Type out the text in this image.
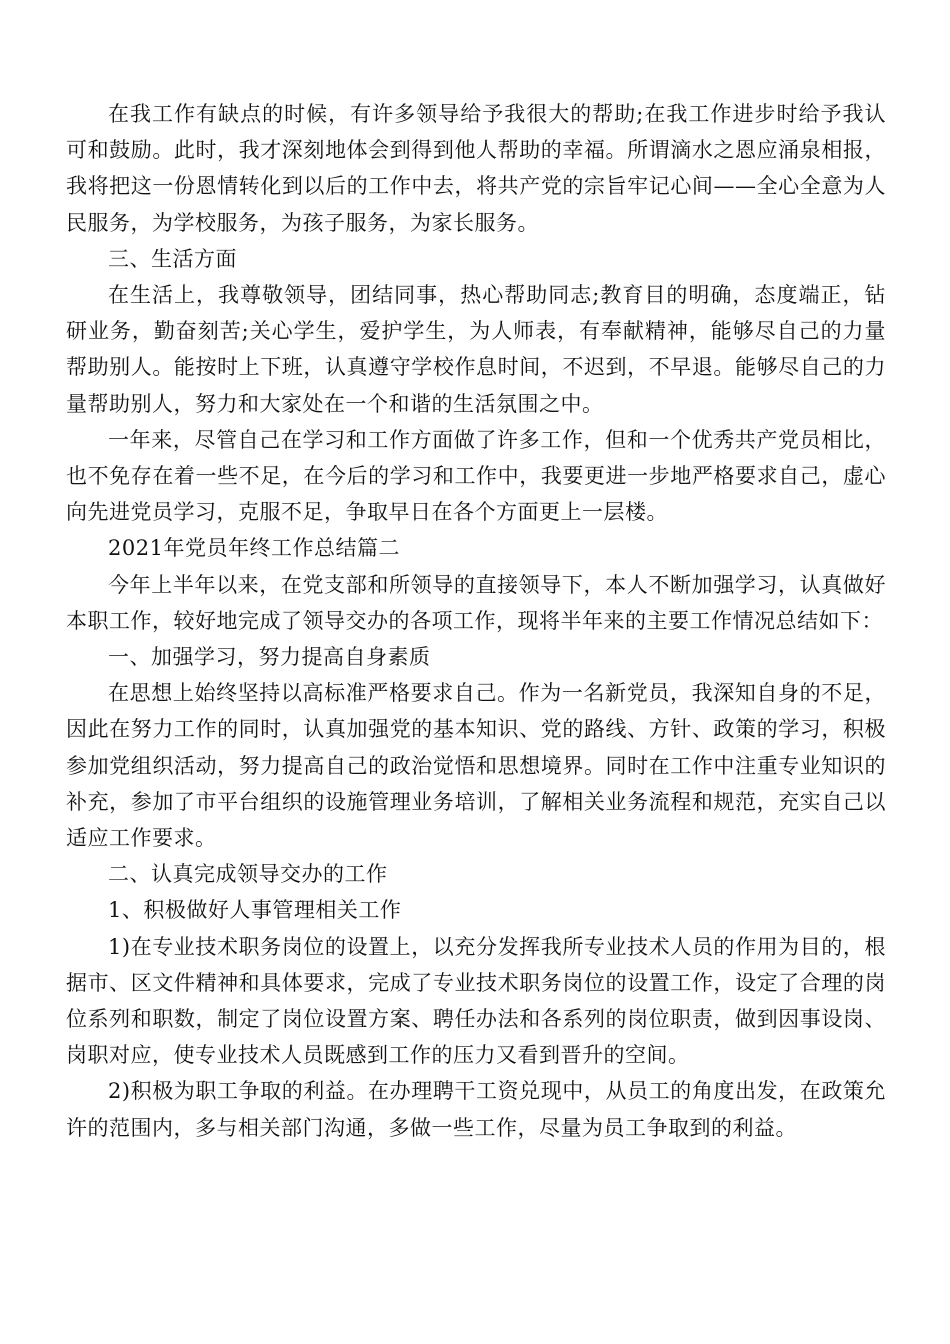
在我工作有缺点的时候，有许多领导给予我很大的帮助;在我工作进步时给予我认可和鼓励。此时，我才深刻地体会到得到他人帮助的幸福。所谓滴水之恩应涌泉相报，我将把这一份恩情转化到以后的工作中去，将共产党的宗旨牢记心间——全心全意为人民服务，为学校服务，为孩子服务，为家长服务。

三、生活方面

在生活上，我尊敬领导，团结同事，热心帮助同志;教育目的明确，态度端正，钻研业务，勤奋刻苦;关心学生，爱护学生，为人师表，有奉献精神，能够尽自己的力量帮助别人。能按时上下班，认真遵守学校作息时间，不迟到，不早退。能够尽自己的力量帮助别人，努力和大家处在一个和谐的生活氛围之中。

一年来，尽管自己在学习和工作方面做了许多工作，但和一个优秀共产党员相比，也不免存在着一些不足，在今后的学习和工作中，我要更进一步地严格要求自己，虚心向先进党员学习，克服不足，争取早日在各个方面更上一层楼。

2021年党员年终工作总结篇二

今年上半年以来，在党支部和所领导的直接领导下，本人不断加强学习，认真做好本职工作，较好地完成了领导交办的各项工作，现将半年来的主要工作情况总结如下：

一、加强学习，努力提高自身素质

在思想上始终坚持以高标准严格要求自己。作为一名新党员，我深知自身的不足，因此在努力工作的同时，认真加强党的基本知识、党的路线、方针、政策的学习，积极参加党组织活动，努力提高自己的政治觉悟和思想境界。同时在工作中注重专业知识的补充，参加了市平台组织的设施管理业务培训，了解相关业务流程和规范，充实自己以适应工作要求。

二、认真完成领导交办的工作

1、积极做好人事管理相关工作

1)在专业技术职务岗位的设置上，以充分发挥我所专业技术人员的作用为目的，根据市、区文件精神和具体要求，完成了专业技术职务岗位的设置工作，设定了合理的岗位系列和职数，制定了岗位设置方案、聘任办法和各系列的岗位职责，做到因事设岗、岗职对应，使专业技术人员既感到工作的压力又看到晋升的空间。

2)积极为职工争取的利益。在办理聘干工资兑现中，从员工的角度出发，在政策允许的范围内，多与相关部门沟通，多做一些工作，尽量为员工争取到的利益。
